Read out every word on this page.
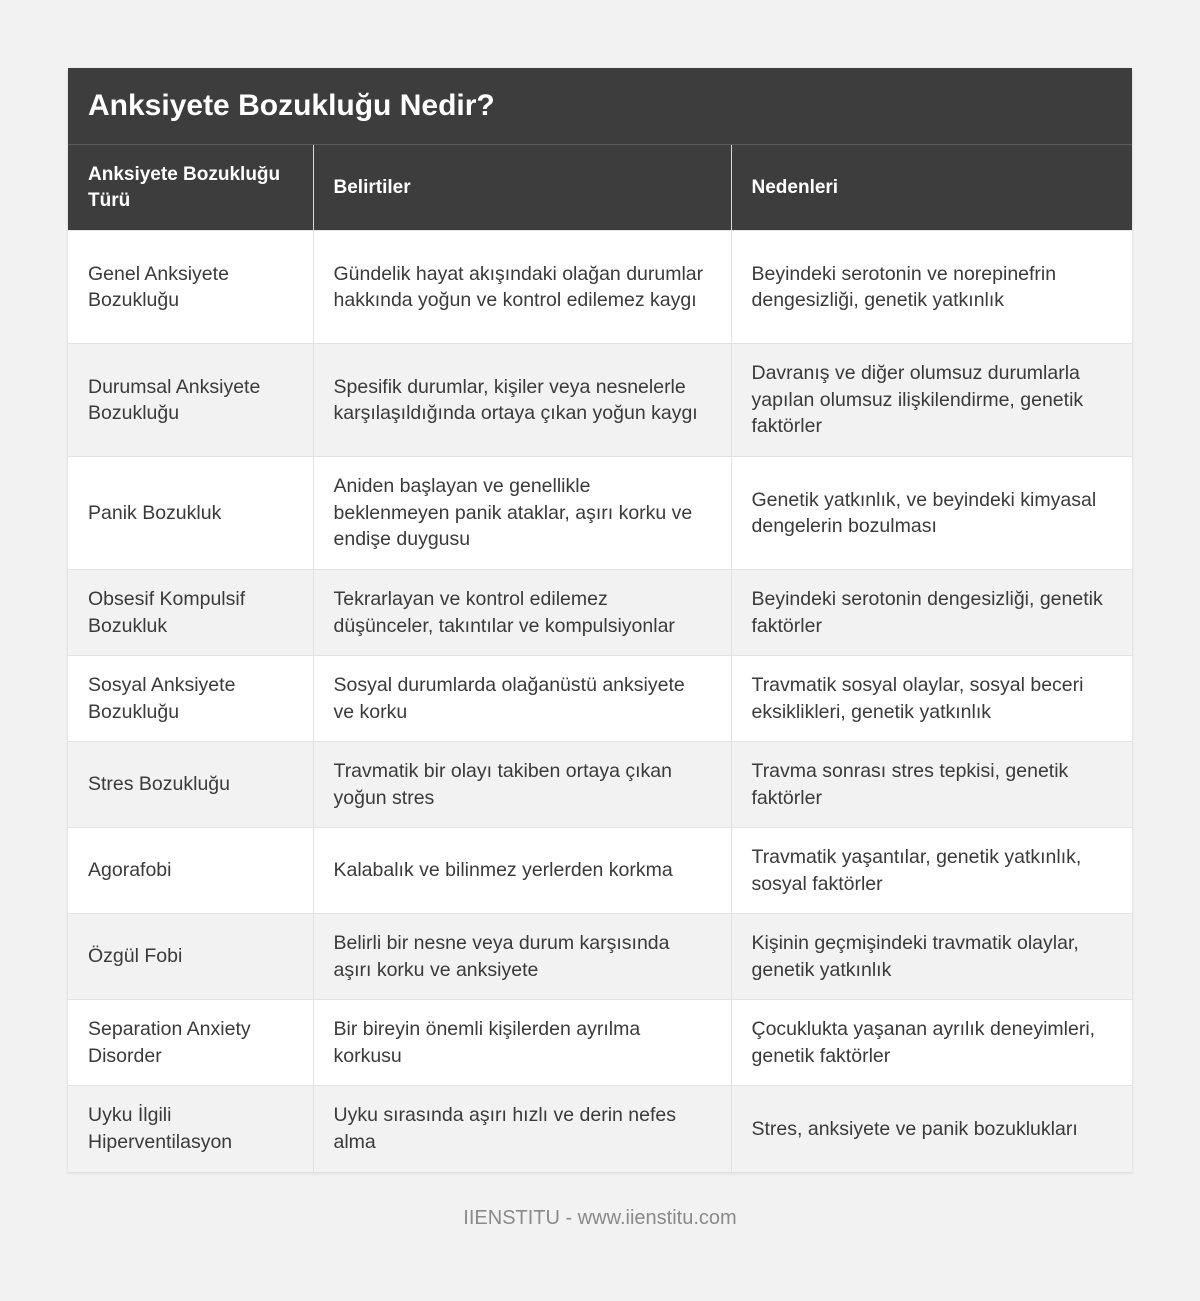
Anksiyete Bozukluğu Nedir?
Anksiyete Bozukluğu Türü	Belirtiler	Nedenleri
Genel Anksiyete Bozukluğu	Gündelik hayat akışındaki olağan durumlar hakkında yoğun ve kontrol edilemez kaygı	Beyindeki serotonin ve norepinefrin dengesizliği, genetik yatkınlık
Durumsal Anksiyete Bozukluğu	Spesifik durumlar, kişiler veya nesnelerle karşılaşıldığında ortaya çıkan yoğun kaygı	Davranış ve diğer olumsuz durumlarla yapılan olumsuz ilişkilendirme, genetik faktörler
Panik Bozukluk	Aniden başlayan ve genellikle beklenmeyen panik ataklar, aşırı korku ve endişe duygusu	Genetik yatkınlık, ve beyindeki kimyasal dengelerin bozulması
Obsesif Kompulsif Bozukluk	Tekrarlayan ve kontrol edilemez düşünceler, takıntılar ve kompulsiyonlar	Beyindeki serotonin dengesizliği, genetik faktörler
Sosyal Anksiyete Bozukluğu	Sosyal durumlarda olağanüstü anksiyete ve korku	Travmatik sosyal olaylar, sosyal beceri eksiklikleri, genetik yatkınlık
Stres Bozukluğu	Travmatik bir olayı takiben ortaya çıkan yoğun stres	Travma sonrası stres tepkisi, genetik faktörler
Agorafobi	Kalabalık ve bilinmez yerlerden korkma	Travmatik yaşantılar, genetik yatkınlık, sosyal faktörler
Özgül Fobi	Belirli bir nesne veya durum karşısında aşırı korku ve anksiyete	Kişinin geçmişindeki travmatik olaylar, genetik yatkınlık
Separation Anxiety Disorder	Bir bireyin önemli kişilerden ayrılma korkusu	Çocuklukta yaşanan ayrılık deneyimleri, genetik faktörler
Uyku İlgili Hiperventilasyon	Uyku sırasında aşırı hızlı ve derin nefes alma	Stres, anksiyete ve panik bozuklukları
IIENSTITU - www.iienstitu.com
